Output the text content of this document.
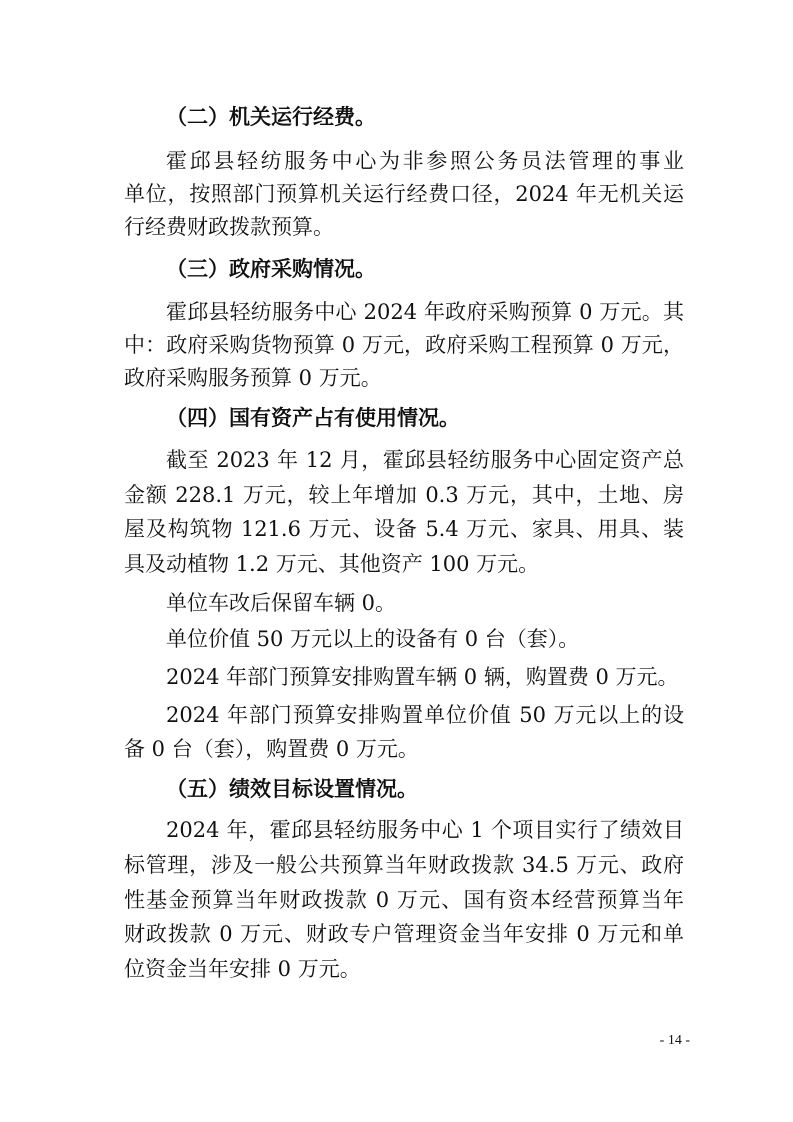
（二）机关运行经费。
霍邱县轻纺服务中心为非参照公务员法管理的事业
单位，按照部门预算机关运行经费口径，2024 年无机关运
行经费财政拨款预算。
（三）政府采购情况。
霍邱县轻纺服务中心 2024 年政府采购预算 0 万元。其
中：政府采购货物预算 0 万元，政府采购工程预算 0 万元，
政府采购服务预算 0 万元。
（四）国有资产占有使用情况。
截至 2023 年 12 月，霍邱县轻纺服务中心固定资产总
金额 228.1 万元，较上年增加 0.3 万元，其中，土地、房
屋及构筑物 121.6 万元、设备 5.4 万元、家具、用具、装
具及动植物 1.2 万元、其他资产 100 万元。
单位车改后保留车辆 0。
单位价值 50 万元以上的设备有 0 台（套）。
2024 年部门预算安排购置车辆 0 辆，购置费 0 万元。
2024 年部门预算安排购置单位价值 50 万元以上的设
备 0 台（套），购置费 0 万元。
（五）绩效目标设置情况。
2024 年，霍邱县轻纺服务中心 1 个项目实行了绩效目
标管理，涉及一般公共预算当年财政拨款 34.5 万元、政府
性基金预算当年财政拨款 0 万元、国有资本经营预算当年
财政拨款 0 万元、财政专户管理资金当年安排 0 万元和单
位资金当年安排 0 万元。
- 14 -
